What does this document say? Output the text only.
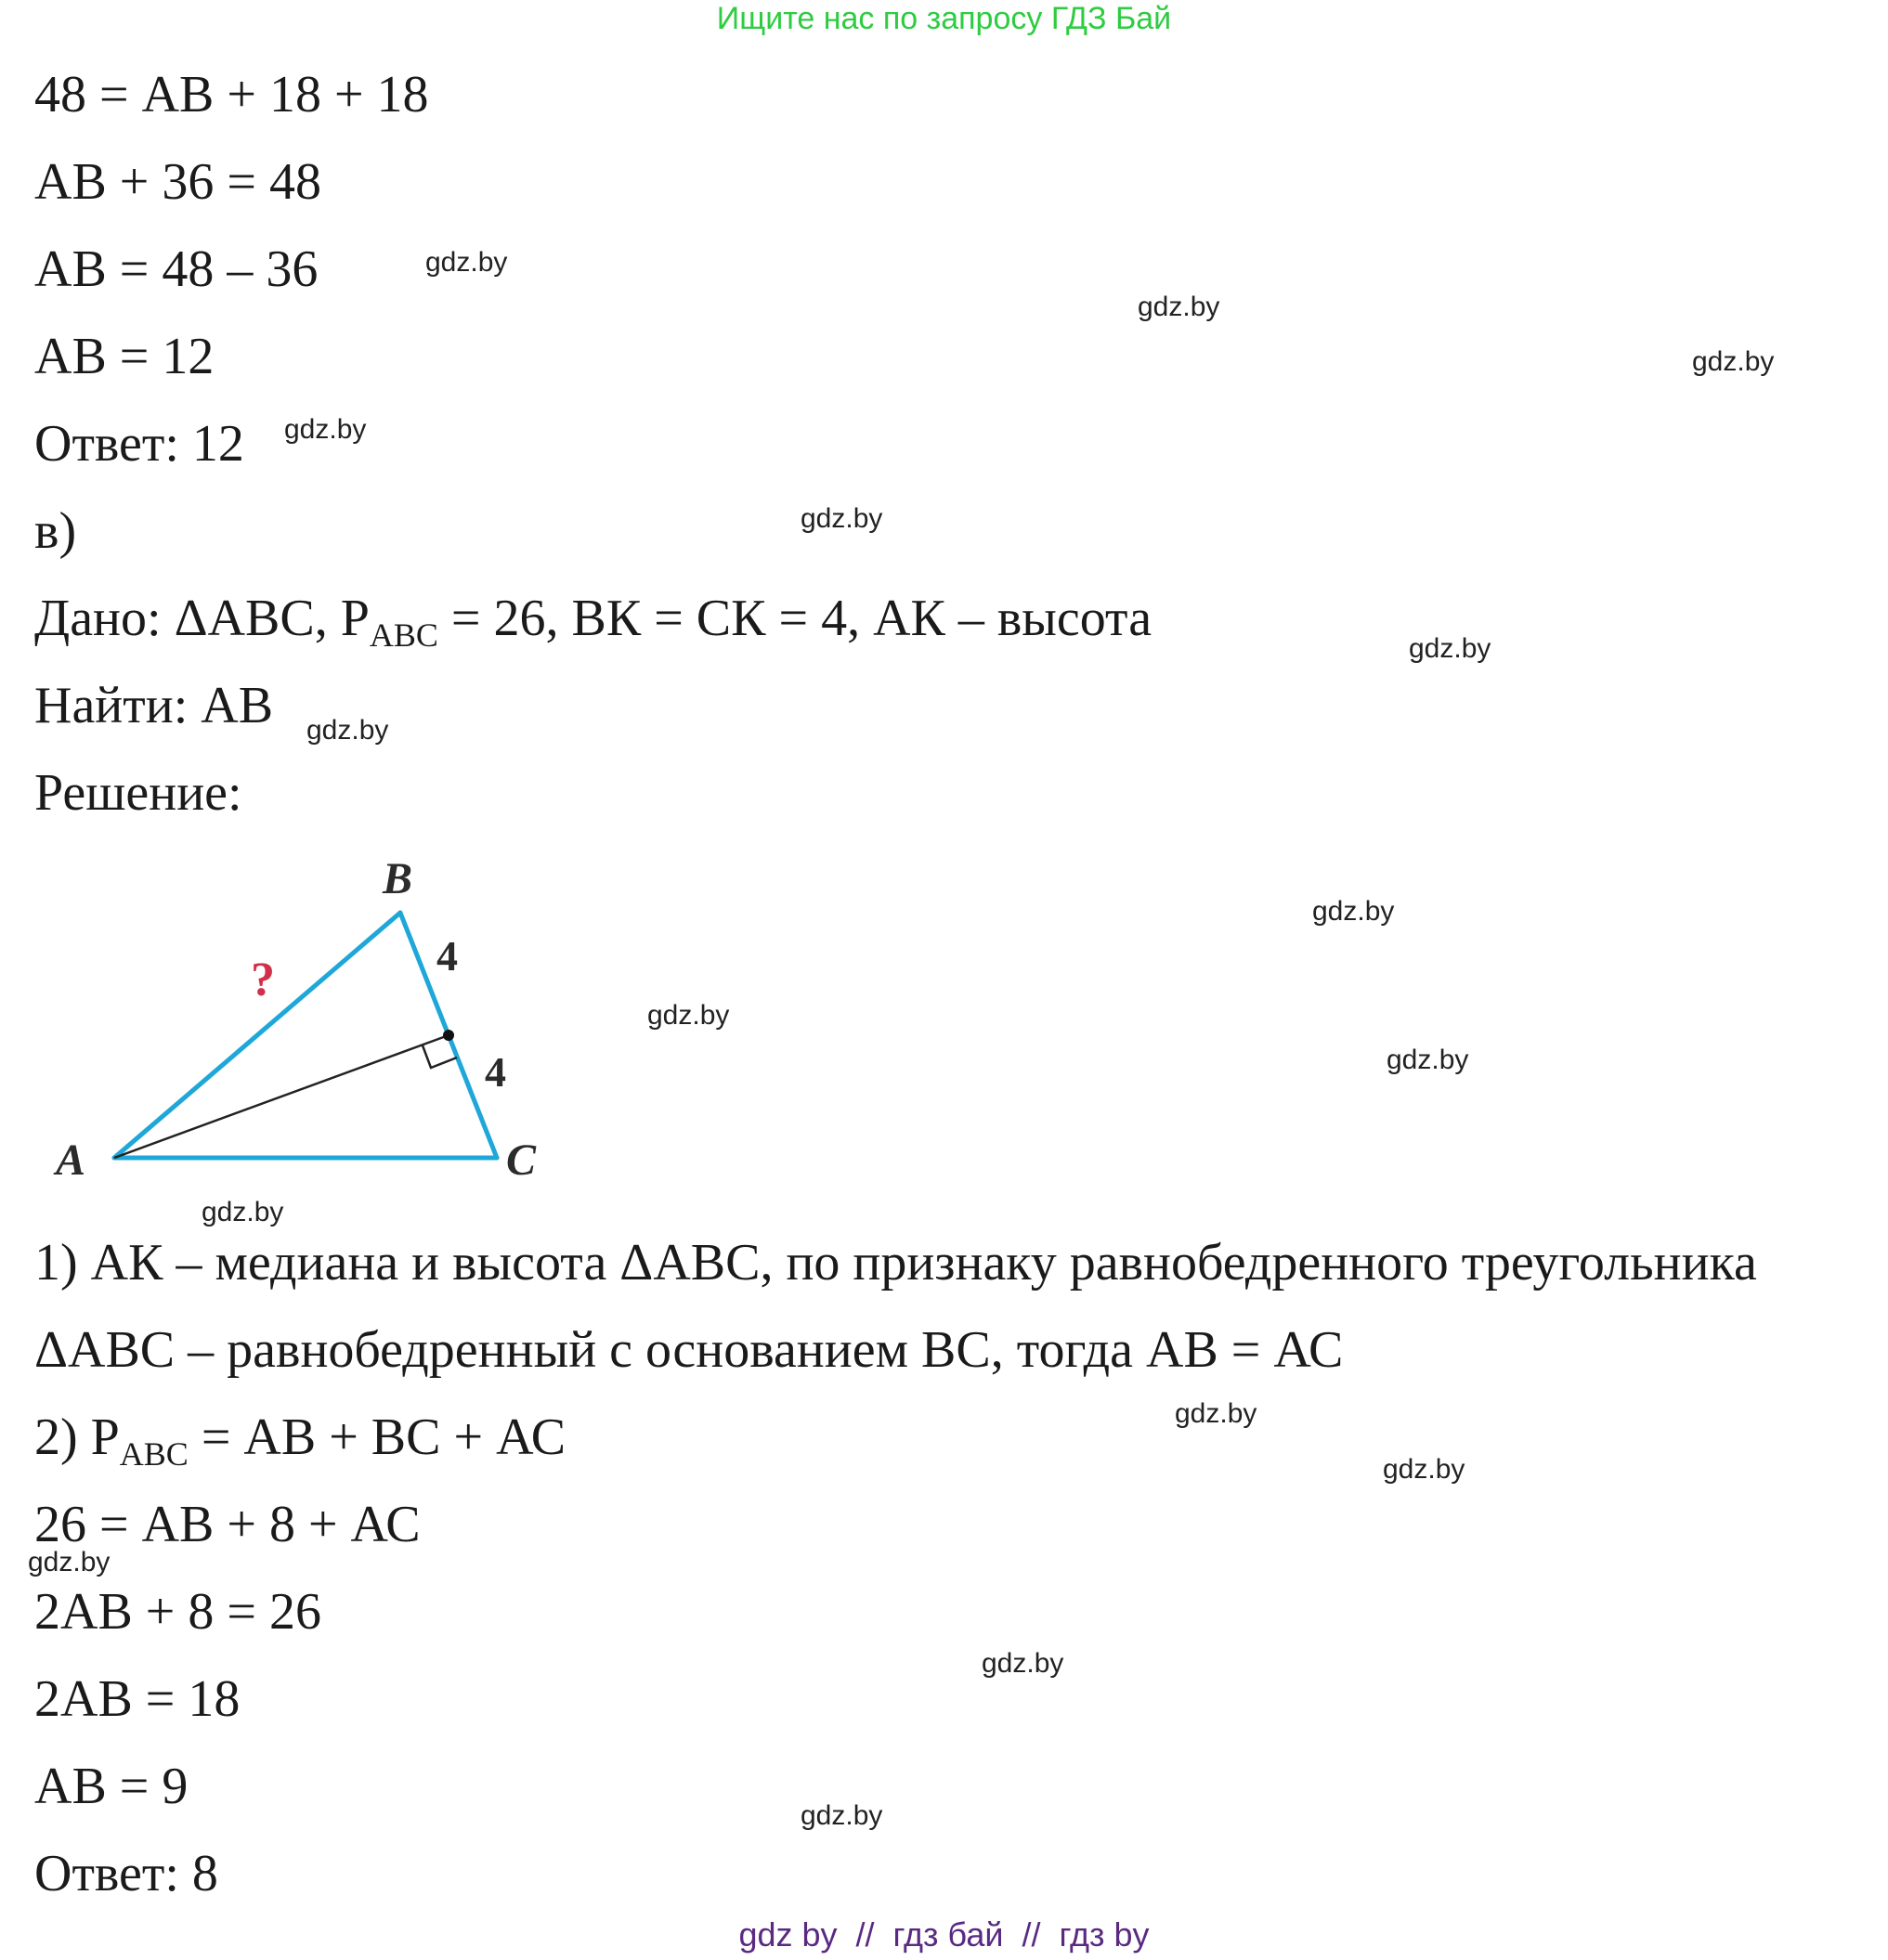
Ищите нас по запросу ГДЗ Бай
48 = АВ + 18 + 18
АВ + 36 = 48
АВ = 48 – 36
АВ = 12
Ответ: 12
в)
Дано: ΔАВС, $Р_{АВС} = 26$, ВК = СК = 4, АК – высота
Найти: АВ
Решение:
B
A	C
4
4
?
1) АК – медиана и высота ΔАВС, по признаку равнобедренного треугольника
ΔАВС – равнобедренный с основанием ВС, тогда АВ = АС
2) $Р_{АВС}$ = АВ + ВС + АС
26 = АВ + 8 + АС
2АВ + 8 = 26
2АВ = 18
АВ = 9
Ответ: 8
gdz.by
gdz.by
gdz.by
gdz.by
gdz.by
gdz.by
gdz.by
gdz.by
gdz.by
gdz.by
gdz.by
gdz.by
gdz.by
gdz.by
gdz.by
gdz.by
gdz by  //  гдз бай  //  гдз by
